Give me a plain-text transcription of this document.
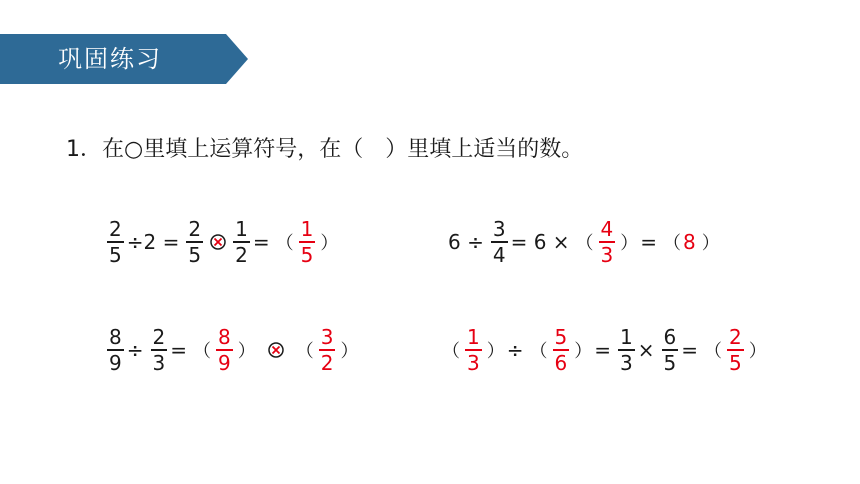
巩固练习
1．在○里填上运算符号，在（　）里填上适当的数。
$\frac{2}{5} \div 2 = \frac{2}{5} \frac{1}{2}$ = （ $\frac{1}{5}$ ）	$6 \div \frac{3}{4} = 6$ × （ $\frac{4}{3}$ ） = （ 8 ）
$\frac{8}{9} \div \frac{2}{3}$ = （ $\frac{8}{9}$ ） （ $\frac{3}{2}$ ）	（ $\frac{1}{3}$ ） ÷ （ $\frac{5}{6}$ ） = $\frac{1}{3} \times \frac{6}{5}$ = （ $\frac{2}{5}$ ）
